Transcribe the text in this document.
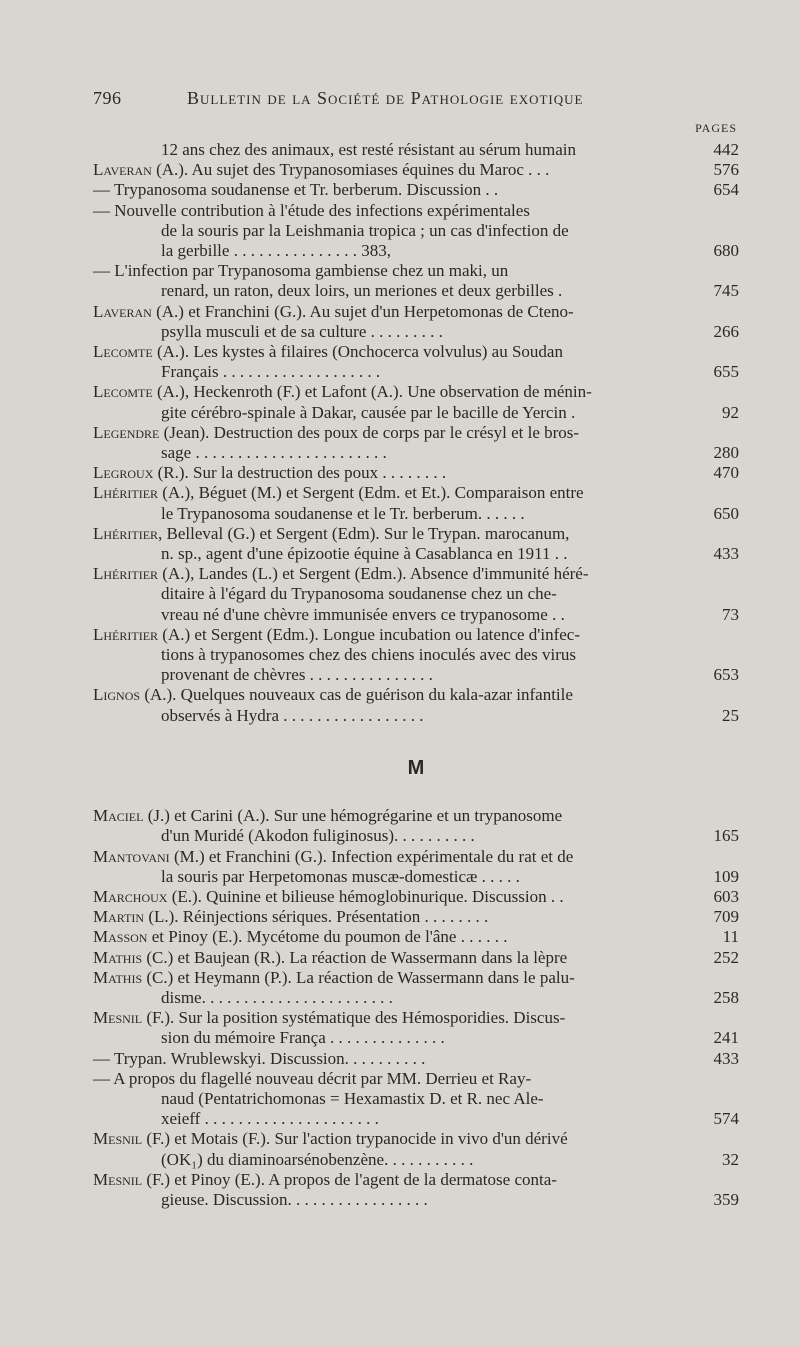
796	Bulletin de la Société de Pathologie exotique
PAGES
12 ans chez des animaux, est resté résistant au sérum humain	442
Laveran (A.). Au sujet des Trypanosomiases équines du Maroc . . .	576
— Trypanosoma soudanense et Tr. berberum. Discussion . .	654
— Nouvelle contribution à l'étude des infections expérimentales
de la souris par la Leishmania tropica ; un cas d'infection de
la gerbille . . . . . . . . . . . . . . . 383,	680
— L'infection par Trypanosoma gambiense chez un maki, un
renard, un raton, deux loirs, un meriones et deux gerbilles .	745
Laveran (A.) et Franchini (G.). Au sujet d'un Herpetomonas de Cteno-
psylla musculi et de sa culture . . . . . . . . .	266
Lecomte (A.). Les kystes à filaires (Onchocerca volvulus) au Soudan
Français . . . . . . . . . . . . . . . . . . .	655
Lecomte (A.), Heckenroth (F.) et Lafont (A.). Une observation de ménin-
gite cérébro-spinale à Dakar, causée par le bacille de Yercin .	92
Legendre (Jean). Destruction des poux de corps par le crésyl et le bros-
sage . . . . . . . . . . . . . . . . . . . . . . .	280
Legroux (R.). Sur la destruction des poux . . . . . . . .	470
Lhéritier (A.), Béguet (M.) et Sergent (Edm. et Et.). Comparaison entre
le Trypanosoma soudanense et le Tr. berberum. . . . . .	650
Lhéritier, Belleval (G.) et Sergent (Edm). Sur le Trypan. marocanum,
n. sp., agent d'une épizootie équine à Casablanca en 1911 . .	433
Lhéritier (A.), Landes (L.) et Sergent (Edm.). Absence d'immunité héré-
ditaire à l'égard du Trypanosoma soudanense chez un che-
vreau né d'une chèvre immunisée envers ce trypanosome . .	73
Lhéritier (A.) et Sergent (Edm.). Longue incubation ou latence d'infec-
tions à trypanosomes chez des chiens inoculés avec des virus
provenant de chèvres . . . . . . . . . . . . . . .	653
Lignos (A.). Quelques nouveaux cas de guérison du kala-azar infantile
observés à Hydra . . . . . . . . . . . . . . . . .	25
M
Maciel (J.) et Carini (A.). Sur une hémogrégarine et un trypanosome
d'un Muridé (Akodon fuliginosus). . . . . . . . . .	165
Mantovani (M.) et Franchini (G.). Infection expérimentale du rat et de
la souris par Herpetomonas muscæ-domesticæ . . . . .	109
Marchoux (E.). Quinine et bilieuse hémoglobinurique. Discussion . .	603
Martin (L.). Réinjections sériques. Présentation . . . . . . . .	709
Masson et Pinoy (E.). Mycétome du poumon de l'âne . . . . . .	11
Mathis (C.) et Baujean (R.). La réaction de Wassermann dans la lèpre	252
Mathis (C.) et Heymann (P.). La réaction de Wassermann dans le palu-
disme. . . . . . . . . . . . . . . . . . . . . . .	258
Mesnil (F.). Sur la position systématique des Hémosporidies. Discus-
sion du mémoire França . . . . . . . . . . . . . .	241
— Trypan. Wrublewskyi. Discussion. . . . . . . . . .	433
— A propos du flagellé nouveau décrit par MM. Derrieu et Ray-
naud (Pentatrichomonas = Hexamastix D. et R. nec Ale-
xeieff . . . . . . . . . . . . . . . . . . . . .	574
Mesnil (F.) et Motais (F.). Sur l'action trypanocide in vivo d'un dérivé
(OK₁) du diaminoarsénobenzène. . . . . . . . . . .	32
Mesnil (F.) et Pinoy (E.). A propos de l'agent de la dermatose conta-
gieuse. Discussion. . . . . . . . . . . . . . . . .	359
